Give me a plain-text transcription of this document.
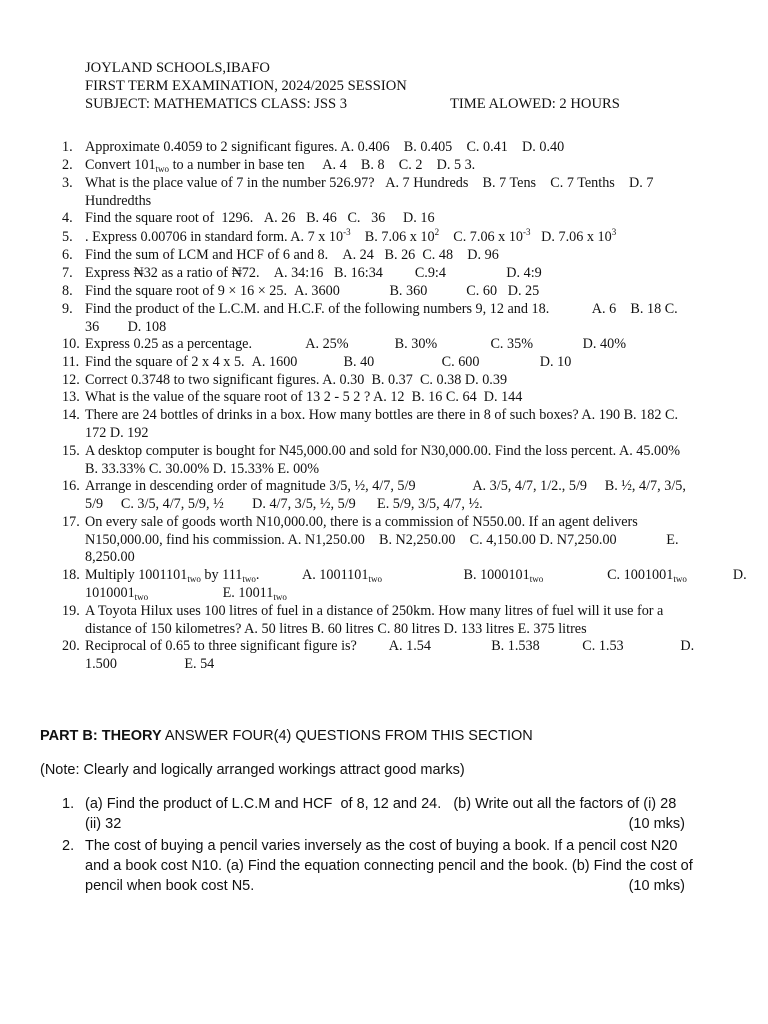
JOYLAND SCHOOLS,IBAFO
FIRST TERM EXAMINATION, 2024/2025 SESSION
SUBJECT: MATHEMATICS CLASS: JSS 3	TIME ALOWED: 2 HOURS
1. Approximate 0.4059 to 2 significant figures. A. 0.406    B. 0.405    C. 0.41    D. 0.40
2. Convert $101_{two}$ to a number in base ten     A. 4    B. 8    C. 2    D. 5 3.
3. What is the place value of 7 in the number 526.97?   A. 7 Hundreds    B. 7 Tens    C. 7 Tenths    D. 7
Hundredths
4. Find the square root of  1296.   A. 26   B. 46   C.   36     D. 16
5. . Express 0.00706 in standard form. A. 7 x $10^{-3}$    B. 7.06 x $10^2$    C. 7.06 x $10^{-3}$   D. 7.06 x $10^3$
6. Find the sum of LCM and HCF of 6 and 8.    A. 24   B. 26  C. 48    D. 96
7. Express ₦32 as a ratio of ₦72.    A. 34:16   B. 16:34         C.9:4                 D. 4:9
8. Find the square root of 9 × 16 × 25.  A. 3600              B. 360           C. 60   D. 25
9. Find the product of the L.C.M. and H.C.F. of the following numbers 9, 12 and 18.            A. 6    B. 18 C.
36        D. 108
10. Express 0.25 as a percentage.               A. 25%             B. 30%               C. 35%              D. 40%
11. Find the square of 2 x 4 x 5.  A. 1600             B. 40                   C. 600                 D. 10
12. Correct 0.3748 to two significant figures. A. 0.30  B. 0.37  C. 0.38 D. 0.39
13. What is the value of the square root of 13 2 - 5 2 ? A. 12  B. 16 C. 64  D. 144
14. There are 24 bottles of drinks in a box. How many bottles are there in 8 of such boxes? A. 190 B. 182 C.
172 D. 192
15. A desktop computer is bought for N45,000.00 and sold for N30,000.00. Find the loss percent. A. 45.00%
B. 33.33% C. 30.00% D. 15.33% E. 00%
16. Arrange in descending order of magnitude 3/5, ½, 4/7, 5/9                A. 3/5, 4/7, 1/2., 5/9     B. ½, 4/7, 3/5,
5/9     C. 3/5, 4/7, 5/9, ½        D. 4/7, 3/5, ½, 5/9      E. 5/9, 3/5, 4/7, ½.
17. On every sale of goods worth N10,000.00, there is a commission of N550.00. If an agent delivers
N150,000.00, find his commission. A. N1,250.00    B. N2,250.00    C. 4,150.00 D. N7,250.00              E.
8,250.00
18. Multiply $1001101_{two}$ by $111_{two}$.            A. $1001101_{two}$                       B. $1000101_{two}$                  C. $1001001_{two}$             D.
$1010001_{two}$                     E. $10011_{two}$
19. A Toyota Hilux uses 100 litres of fuel in a distance of 250km. How many litres of fuel will it use for a
distance of 150 kilometres? A. 50 litres B. 60 litres C. 80 litres D. 133 litres E. 375 litres
20. Reciprocal of 0.65 to three significant figure is?         A. 1.54                 B. 1.538            C. 1.53                D.
1.500                   E. 54
PART B: THEORY ANSWER FOUR(4) QUESTIONS FROM THIS SECTION
(Note: Clearly and logically arranged workings attract good marks)
1. (a) Find the product of L.C.M and HCF  of 8, 12 and 24.   (b) Write out all the factors of (i) 28
(ii) 32	(10 mks)
2. The cost of buying a pencil varies inversely as the cost of buying a book. If a pencil cost N20
and a book cost N10. (a) Find the equation connecting pencil and the book. (b) Find the cost of
pencil when book cost N5.	(10 mks)
